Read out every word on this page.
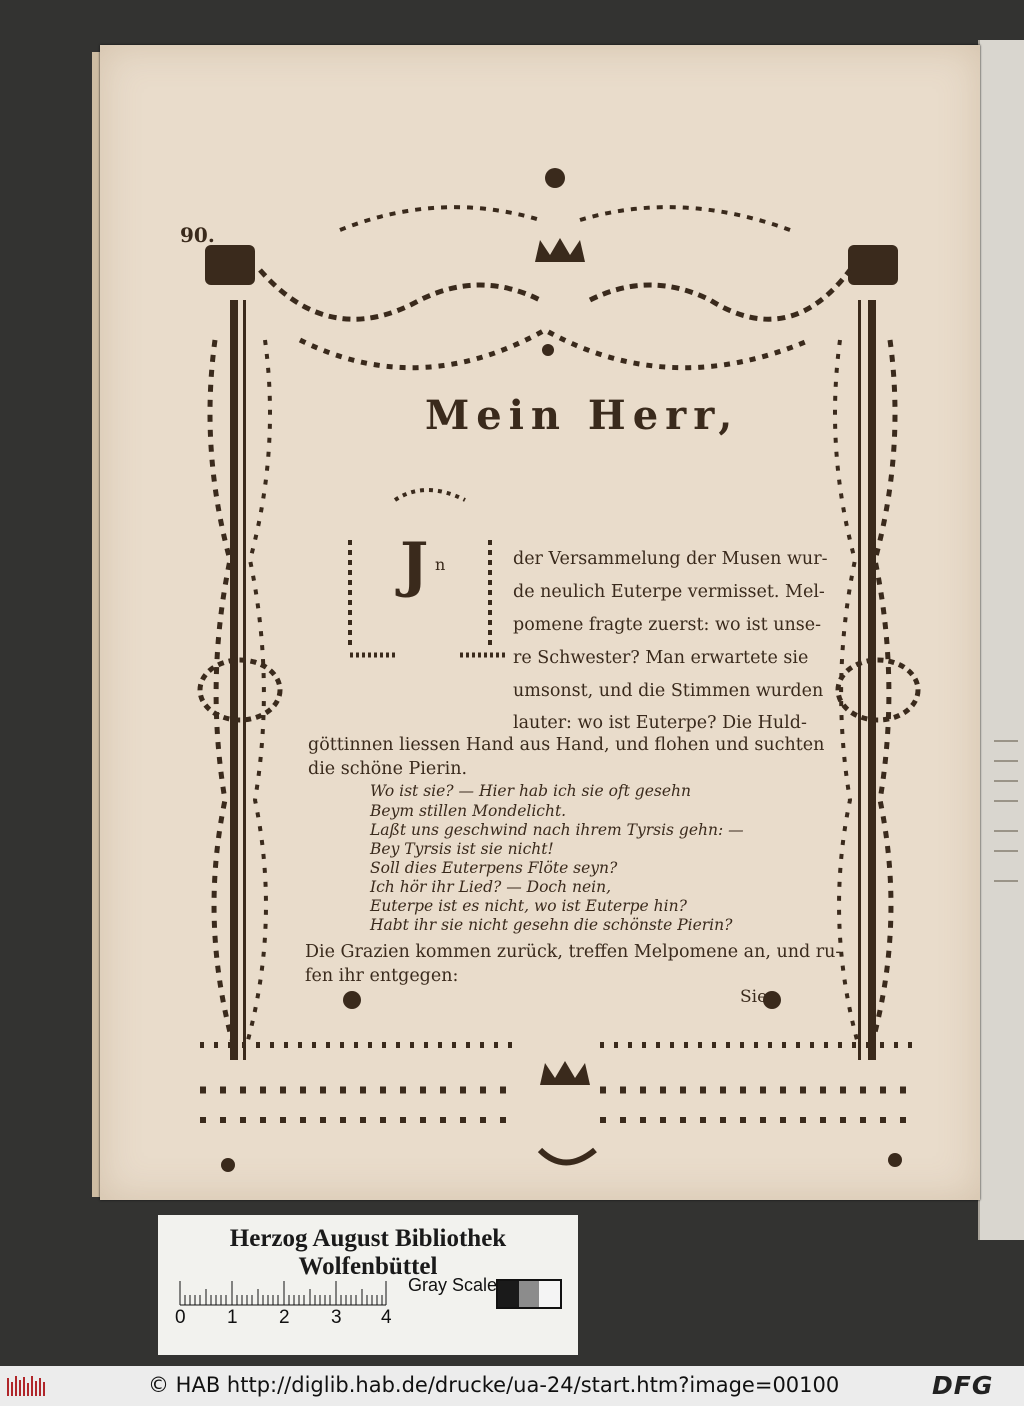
90.
Mein Herr,
J n	der Versammelung der Musen wur-
de neulich Euterpe vermisset. Mel-
pomene fragte zuerst: wo ist unse-
re Schwester? Man erwartete sie
umsonst, und die Stimmen wurden
lauter: wo ist Euterpe? Die Huld-
göttinnen liessen Hand aus Hand, und flohen und suchten
die schöne Pierin.
Wo ist sie? — Hier hab ich sie oft gesehn
Beym stillen Mondelicht.
Laßt uns geschwind nach ihrem Tyrsis gehn: —
Bey Tyrsis ist sie nicht!
Soll dies Euterpens Flöte seyn?
Ich hör ihr Lied? — Doch nein,
Euterpe ist es nicht, wo ist Euterpe hin?
Habt ihr sie nicht gesehn die schönste Pierin?
Die Grazien kommen zurück, treffen Melpomene an, und ru-
fen ihr entgegen:
Sie
Herzog August Bibliothek Wolfenbüttel
0 1 2 3 4
Gray Scale
© HAB http://diglib.hab.de/drucke/ua-24/start.htm?image=00100	DFG
